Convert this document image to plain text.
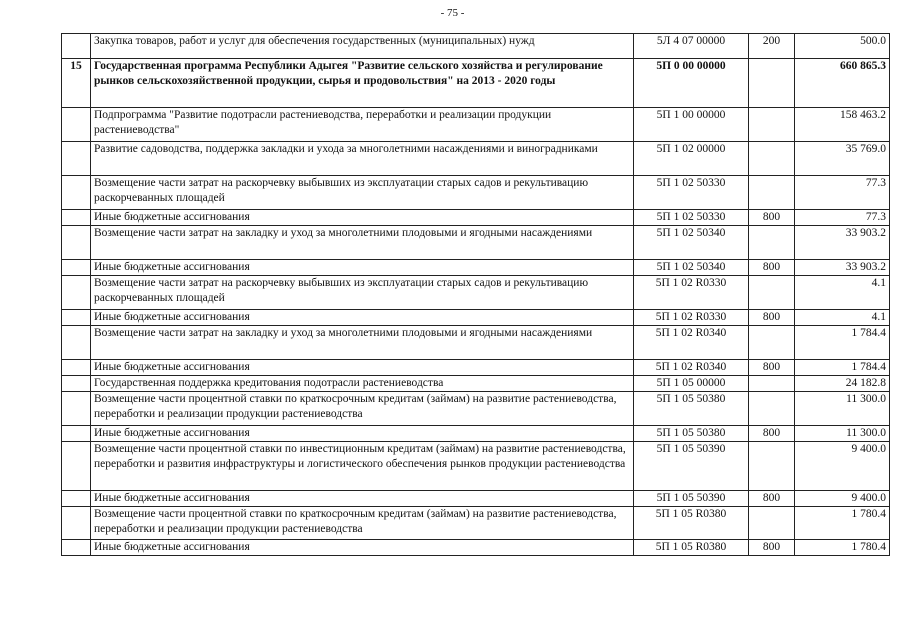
- 75 -
	Закупка товаров, работ и услуг для обеспечения государственных (муниципальных) нужд	5Л 4 07 00000	200	500.0
15	Государственная программа Республики Адыгея "Развитие сельского хозяйства и регулирование рынков сельскохозяйственной продукции, сырья и продовольствия" на 2013 - 2020 годы	5П 0 00 00000		660 865.3
	Подпрограмма "Развитие подотрасли растениеводства, переработки и реализации продукции растениеводства"	5П 1 00 00000		158 463.2
	Развитие садоводства, поддержка закладки и ухода за многолетними насаждениями и виноградниками	5П 1 02 00000		35 769.0
	Возмещение части затрат на раскорчевку выбывших из эксплуатации старых садов и рекультивацию раскорчеванных площадей	5П 1 02 50330		77.3
	Иные бюджетные ассигнования	5П 1 02 50330	800	77.3
	Возмещение части затрат на закладку и уход за многолетними плодовыми и ягодными насаждениями	5П 1 02 50340		33 903.2
	Иные бюджетные ассигнования	5П 1 02 50340	800	33 903.2
	Возмещение части затрат на раскорчевку выбывших из эксплуатации старых садов и рекультивацию раскорчеванных площадей	5П 1 02 R0330		4.1
	Иные бюджетные ассигнования	5П 1 02 R0330	800	4.1
	Возмещение части затрат на закладку и уход за многолетними плодовыми и ягодными насаждениями	5П 1 02 R0340		1 784.4
	Иные бюджетные ассигнования	5П 1 02 R0340	800	1 784.4
	Государственная поддержка кредитования подотрасли растениеводства	5П 1 05 00000		24 182.8
	Возмещение части процентной ставки по краткосрочным кредитам (займам) на развитие растениеводства, переработки и реализации продукции растениеводства	5П 1 05 50380		11 300.0
	Иные бюджетные ассигнования	5П 1 05 50380	800	11 300.0
	Возмещение части процентной ставки по инвестиционным кредитам (займам) на развитие растениеводства, переработки и развития инфраструктуры и логистического обеспечения рынков продукции растениеводства	5П 1 05 50390		9 400.0
	Иные бюджетные ассигнования	5П 1 05 50390	800	9 400.0
	Возмещение части процентной ставки по краткосрочным кредитам (займам) на развитие растениеводства, переработки и реализации продукции растениеводства	5П 1 05 R0380		1 780.4
	Иные бюджетные ассигнования	5П 1 05 R0380	800	1 780.4
